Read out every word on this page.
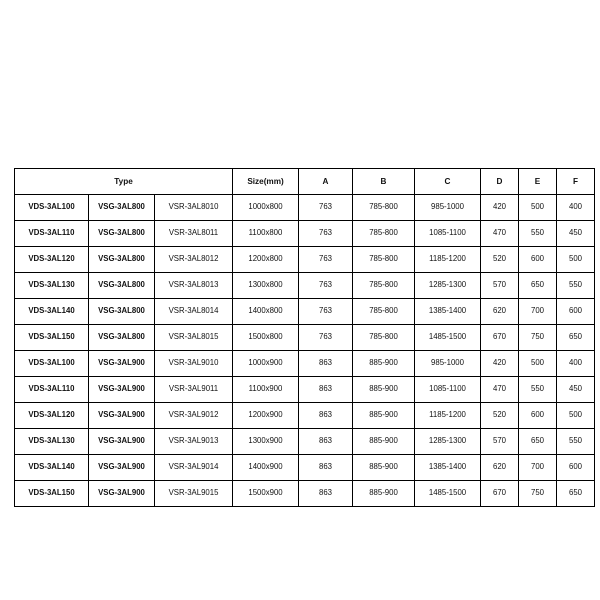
Type			Size(mm)	A	B	C	D	E	F
VDS-3AL100	VSG-3AL800	VSR-3AL8010	1000x800	763	785-800	985-1000	420	500	400
VDS-3AL110	VSG-3AL800	VSR-3AL8011	1100x800	763	785-800	1085-1100	470	550	450
VDS-3AL120	VSG-3AL800	VSR-3AL8012	1200x800	763	785-800	1185-1200	520	600	500
VDS-3AL130	VSG-3AL800	VSR-3AL8013	1300x800	763	785-800	1285-1300	570	650	550
VDS-3AL140	VSG-3AL800	VSR-3AL8014	1400x800	763	785-800	1385-1400	620	700	600
VDS-3AL150	VSG-3AL800	VSR-3AL8015	1500x800	763	785-800	1485-1500	670	750	650
VDS-3AL100	VSG-3AL900	VSR-3AL9010	1000x900	863	885-900	985-1000	420	500	400
VDS-3AL110	VSG-3AL900	VSR-3AL9011	1100x900	863	885-900	1085-1100	470	550	450
VDS-3AL120	VSG-3AL900	VSR-3AL9012	1200x900	863	885-900	1185-1200	520	600	500
VDS-3AL130	VSG-3AL900	VSR-3AL9013	1300x900	863	885-900	1285-1300	570	650	550
VDS-3AL140	VSG-3AL900	VSR-3AL9014	1400x900	863	885-900	1385-1400	620	700	600
VDS-3AL150	VSG-3AL900	VSR-3AL9015	1500x900	863	885-900	1485-1500	670	750	650
